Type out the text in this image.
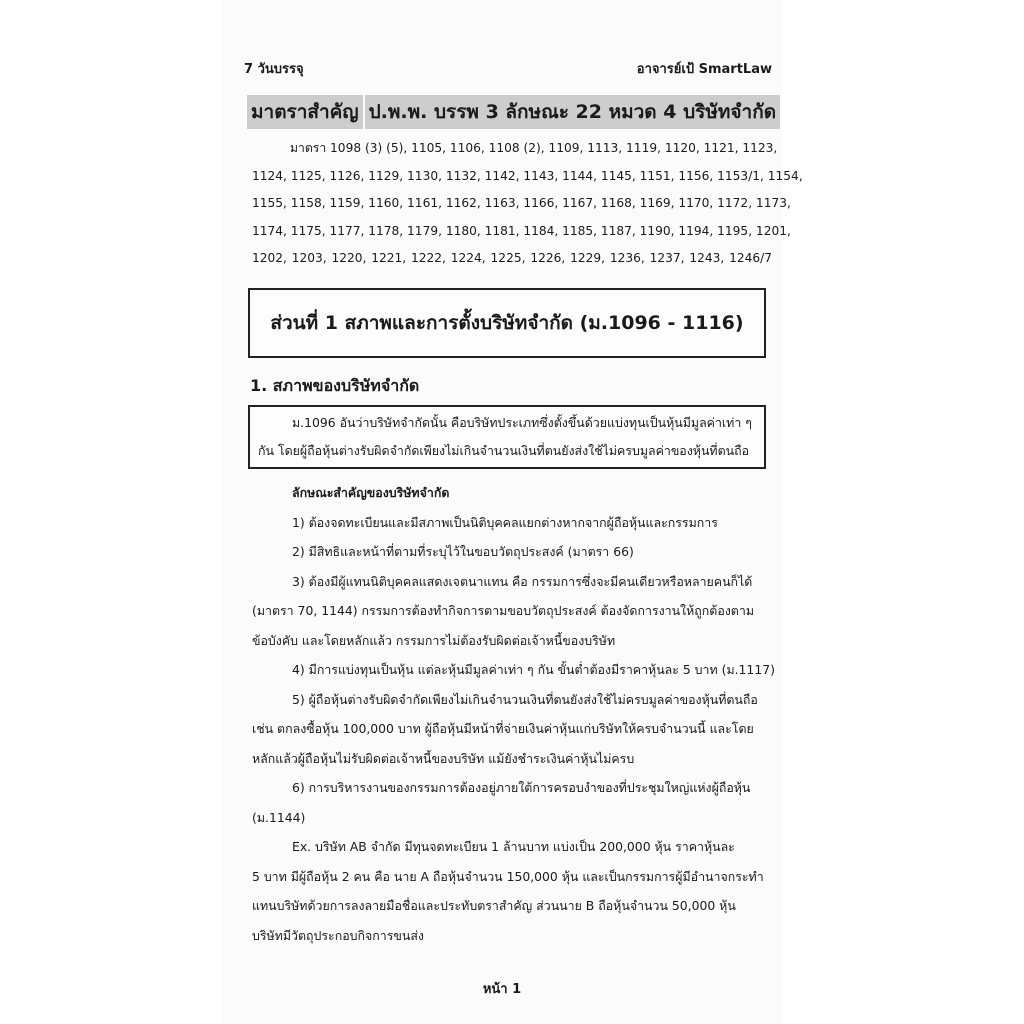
7 วันบรรจุ	อาจารย์เป้ SmartLaw
มาตราสำคัญ ป.พ.พ. บรรพ 3 ลักษณะ 22 หมวด 4 บริษัทจำกัด
มาตรา 1098 (3) (5), 1105, 1106, 1108 (2), 1109, 1113, 1119, 1120, 1121, 1123,
1124, 1125, 1126, 1129, 1130, 1132, 1142, 1143, 1144, 1145, 1151, 1156, 1153/1, 1154,
1155, 1158, 1159, 1160, 1161, 1162, 1163, 1166, 1167, 1168, 1169, 1170, 1172, 1173,
1174, 1175, 1177, 1178, 1179, 1180, 1181, 1184, 1185, 1187, 1190, 1194, 1195, 1201,
1202, 1203, 1220, 1221, 1222, 1224, 1225, 1226, 1229, 1236, 1237, 1243, 1246/7
ส่วนที่ 1 สภาพและการตั้งบริษัทจำกัด (ม.1096 - 1116)
1. สภาพของบริษัทจำกัด
ม.1096 อันว่าบริษัทจำกัดนั้น คือบริษัทประเภทซึ่งตั้งขึ้นด้วยแบ่งทุนเป็นหุ้นมีมูลค่าเท่า ๆ
กัน โดยผู้ถือหุ้นต่างรับผิดจำกัดเพียงไม่เกินจำนวนเงินที่ตนยังส่งใช้ไม่ครบมูลค่าของหุ้นที่ตนถือ
ลักษณะสำคัญของบริษัทจำกัด
1) ต้องจดทะเบียนและมีสภาพเป็นนิติบุคคลแยกต่างหากจากผู้ถือหุ้นและกรรมการ
2) มีสิทธิและหน้าที่ตามที่ระบุไว้ในขอบวัตถุประสงค์ (มาตรา 66)
3) ต้องมีผู้แทนนิติบุคคลแสดงเจตนาแทน คือ กรรมการซึ่งจะมีคนเดียวหรือหลายคนก็ได้
(มาตรา 70, 1144) กรรมการต้องทำกิจการตามขอบวัตถุประสงค์ ต้องจัดการงานให้ถูกต้องตาม
ข้อบังคับ และโดยหลักแล้ว กรรมการไม่ต้องรับผิดต่อเจ้าหนี้ของบริษัท
4) มีการแบ่งทุนเป็นหุ้น แต่ละหุ้นมีมูลค่าเท่า ๆ กัน ขั้นต่ำต้องมีราคาหุ้นละ 5 บาท (ม.1117)
5) ผู้ถือหุ้นต่างรับผิดจำกัดเพียงไม่เกินจำนวนเงินที่ตนยังส่งใช้ไม่ครบมูลค่าของหุ้นที่ตนถือ
เช่น ตกลงซื้อหุ้น 100,000 บาท ผู้ถือหุ้นมีหน้าที่จ่ายเงินค่าหุ้นแก่บริษัทให้ครบจำนวนนี้ และโดย
หลักแล้วผู้ถือหุ้นไม่รับผิดต่อเจ้าหนี้ของบริษัท แม้ยังชำระเงินค่าหุ้นไม่ครบ
6) การบริหารงานของกรรมการต้องอยู่ภายใต้การครอบงำของที่ประชุมใหญ่แห่งผู้ถือหุ้น
(ม.1144)
Ex. บริษัท AB จำกัด มีทุนจดทะเบียน 1 ล้านบาท แบ่งเป็น 200,000 หุ้น ราคาหุ้นละ
5 บาท มีผู้ถือหุ้น 2 คน คือ นาย A ถือหุ้นจำนวน 150,000 หุ้น และเป็นกรรมการผู้มีอำนาจกระทำ
แทนบริษัทด้วยการลงลายมือชื่อและประทับตราสำคัญ ส่วนนาย B ถือหุ้นจำนวน 50,000 หุ้น
บริษัทมีวัตถุประกอบกิจการขนส่ง
หน้า 1
